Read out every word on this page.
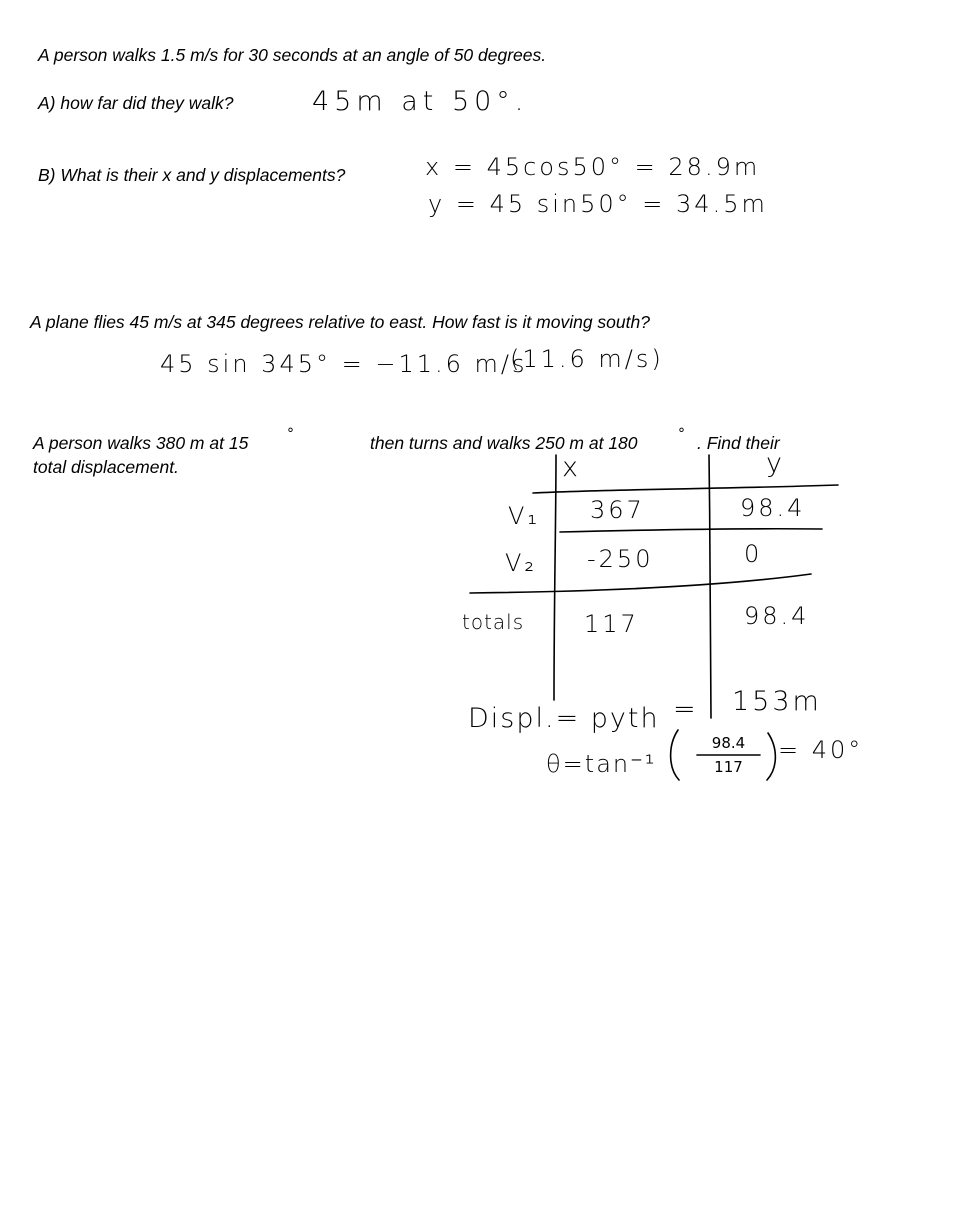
A person walks 1.5 m/s for 30 seconds at an angle of 50 degrees.
A) how far did they walk?	45m at 50°.
B) What is their x and y displacements?	x = 45cos50° = 28.9m
y = 45 sin50° = 34.5m
A plane flies 45 m/s at 345 degrees relative to east. How fast is it moving south?
45 sin 345° = −11.6 m/s
(11.6 m/s)
A person walks 380 m at 15	°	then turns and walks 250 m at 180	° . Find their
total displacement.	x	y
V₁ 367	98.4
V₂ -250	0
totals 117	98.4
Displ.= pyth = 153m
θ=tan⁻¹
98.4
117
= 40°
